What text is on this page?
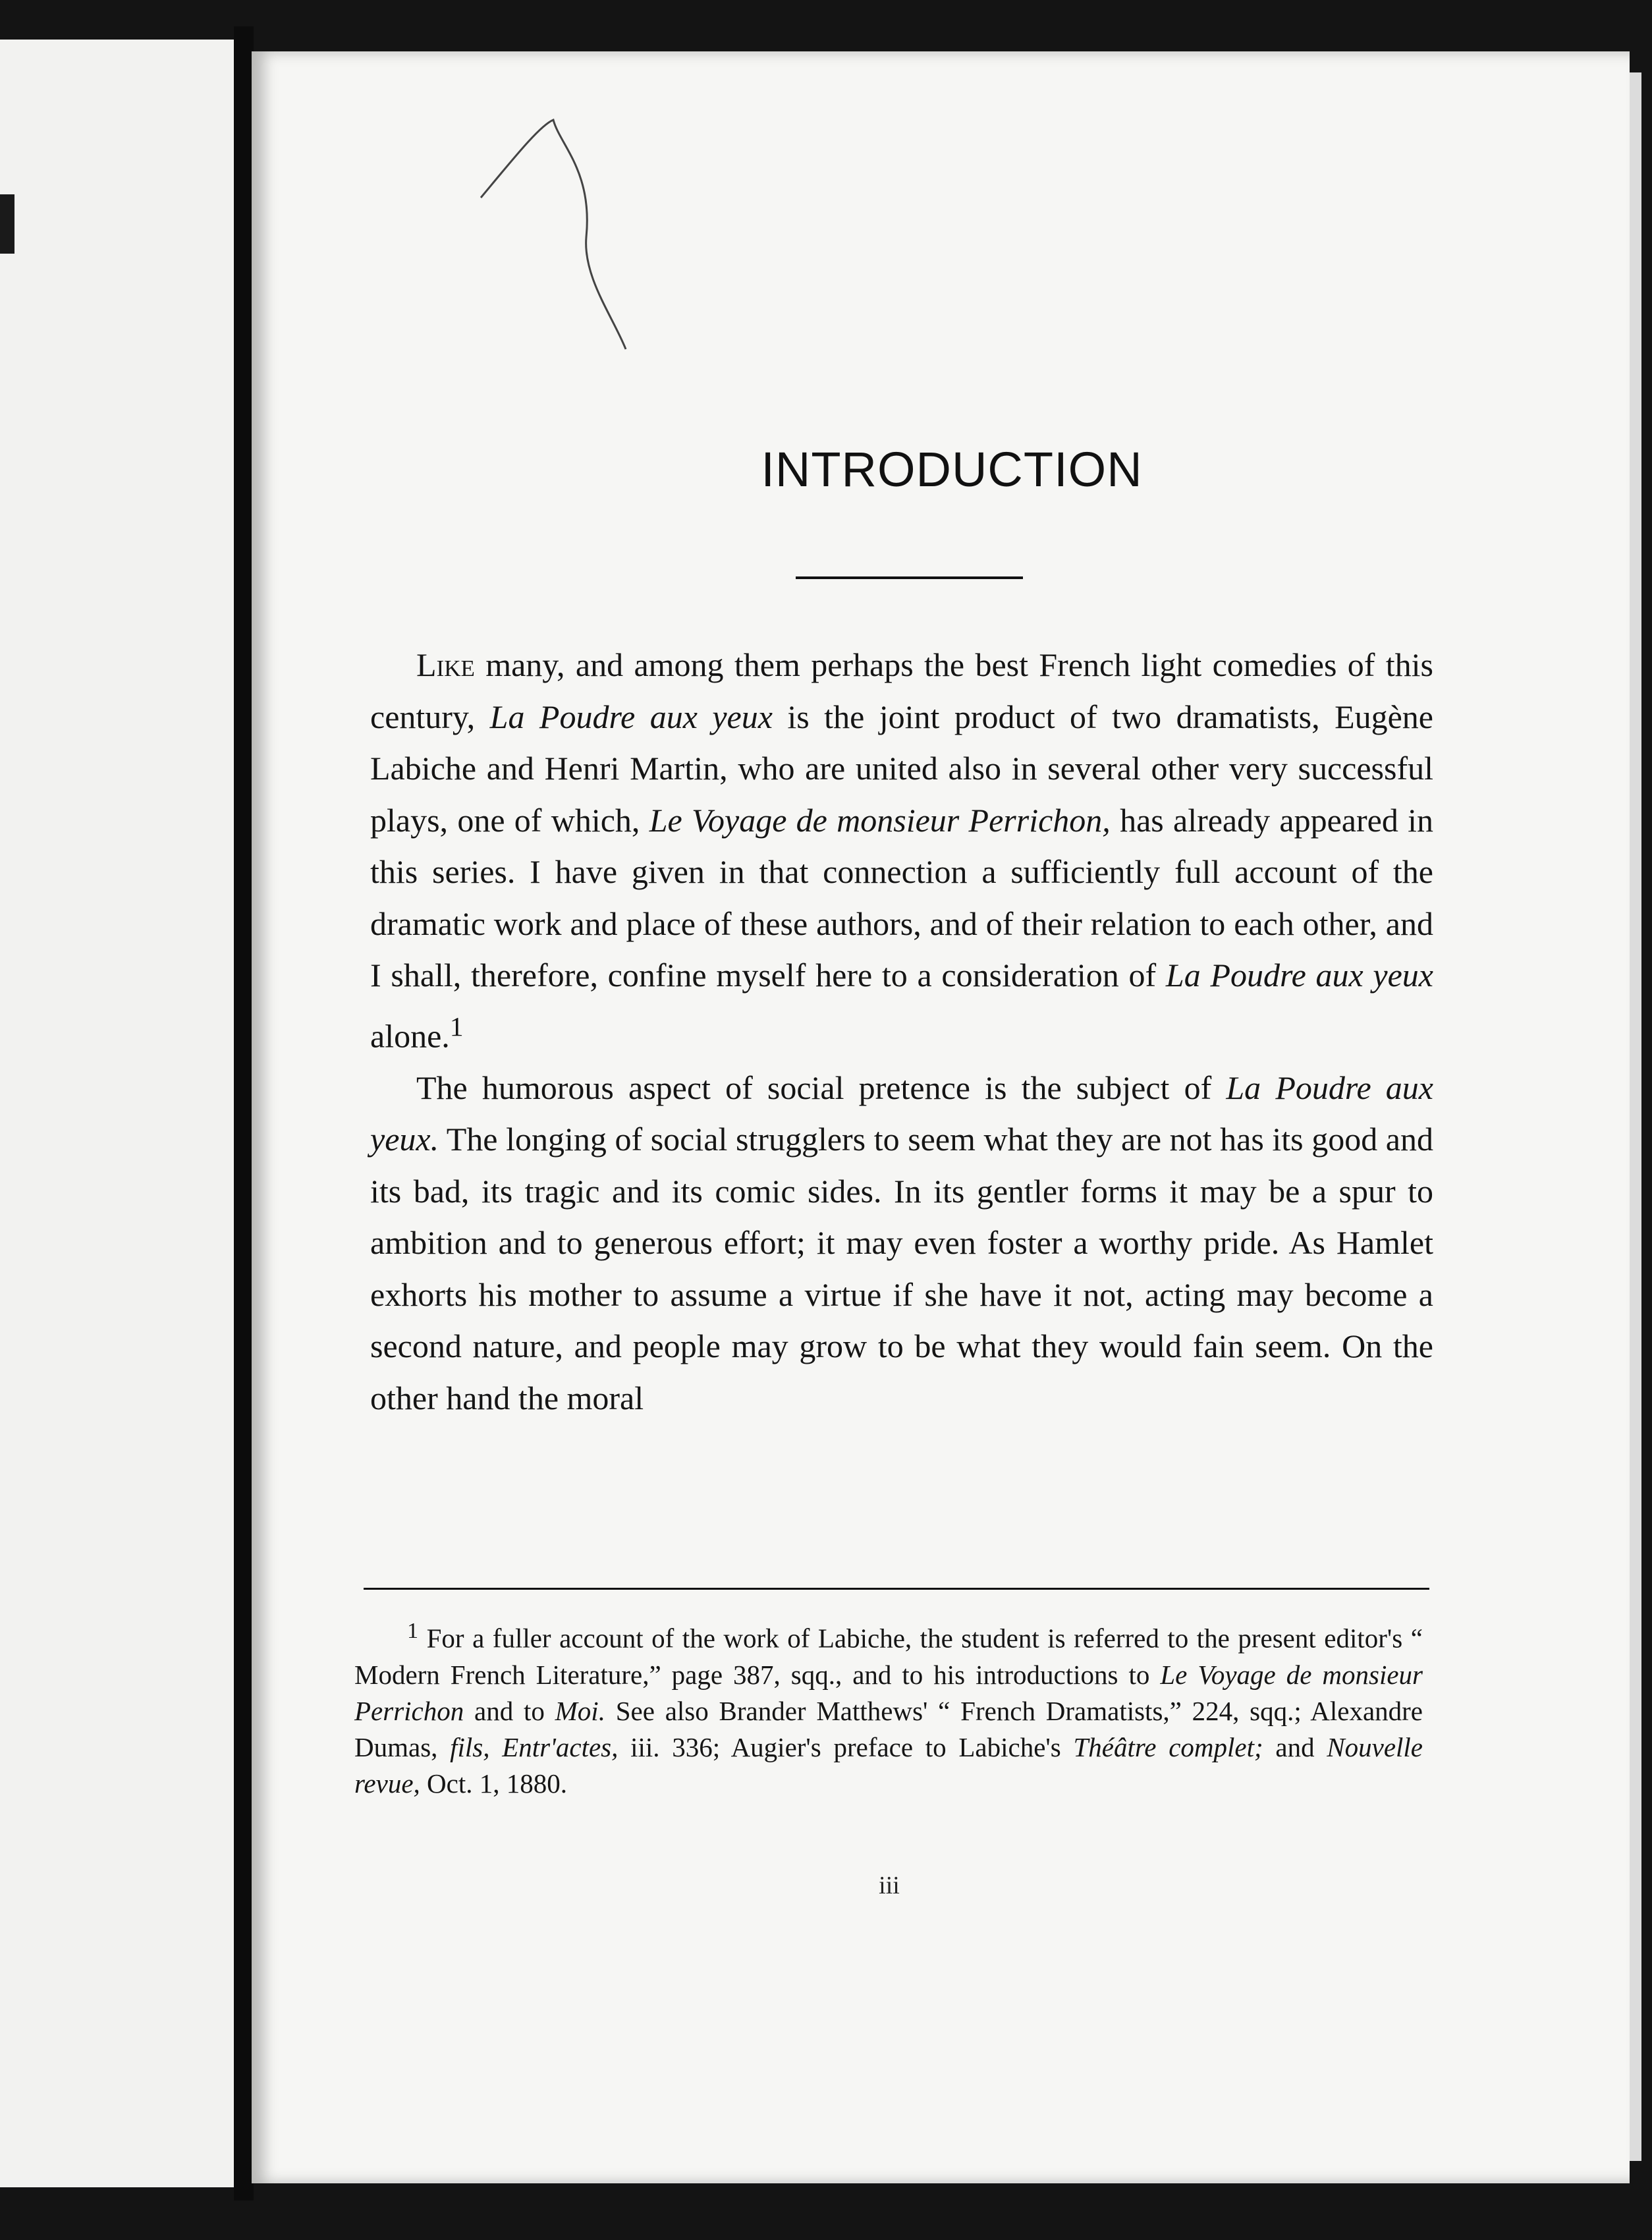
INTRODUCTION

Like many, and among them perhaps the best French light comedies of this century, La Poudre aux yeux is the joint product of two dramatists, Eugène Labiche and Henri Martin, who are united also in several other very successful plays, one of which, Le Voyage de monsieur Perrichon, has already appeared in this series. I have given in that connection a sufficiently full account of the dramatic work and place of these authors, and of their relation to each other, and I shall, therefore, confine myself here to a consideration of La Poudre aux yeux alone.$^1$

The humorous aspect of social pretence is the subject of La Poudre aux yeux. The longing of social strugglers to seem what they are not has its good and its bad, its tragic and its comic sides. In its gentler forms it may be a spur to ambition and to generous effort; it may even foster a worthy pride. As Hamlet exhorts his mother to assume a virtue if she have it not, acting may become a second nature, and people may grow to be what they would fain seem. On the other hand the moral

$^1$ For a fuller account of the work of Labiche, the student is referred to the present editor's “ Modern French Literature,” page 387, sqq., and to his introductions to Le Voyage de monsieur Perrichon and to Moi. See also Brander Matthews' “ French Dramatists,” 224, sqq.; Alexandre Dumas, fils, Entr'actes, iii. 336; Augier's preface to Labiche's Théâtre complet; and Nouvelle revue, Oct. 1, 1880.
iii
